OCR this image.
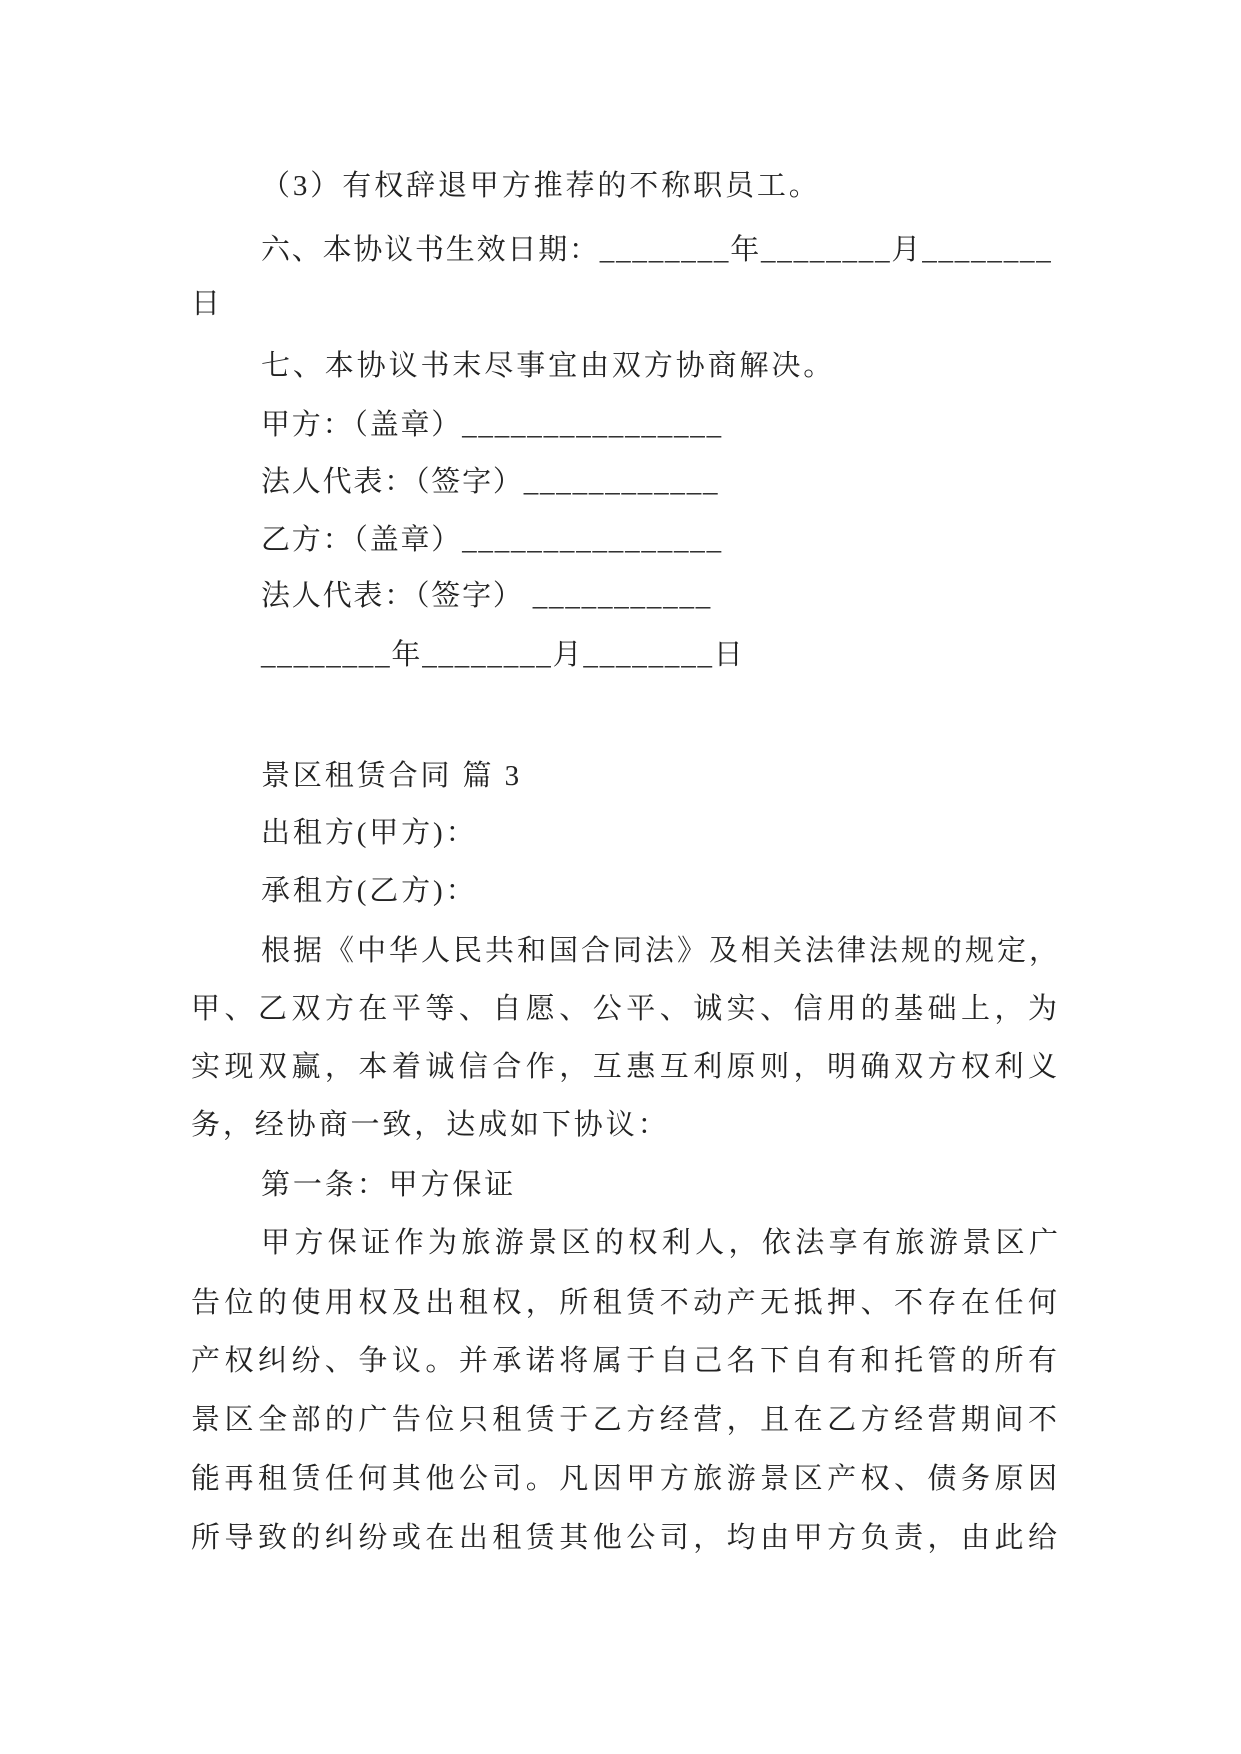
（3）有权辞退甲方推荐的不称职员工。
六、本协议书生效日期：________年________月________
日
七、本协议书末尽事宜由双方协商解决。
甲方：（盖章）________________
法人代表：（签字）____________
乙方：（盖章）________________
法人代表：（签字） ___________
________年________月________日
景区租赁合同 篇 3
出租方(甲方)：
承租方(乙方)：
根据《中华人民共和国合同法》及相关法律法规的规定，
甲、乙双方在平等、自愿、公平、诚实、信用的基础上，为
实现双赢，本着诚信合作，互惠互利原则，明确双方权利义
务，经协商一致，达成如下协议：
第一条：甲方保证
甲方保证作为旅游景区的权利人，依法享有旅游景区广
告位的使用权及出租权，所租赁不动产无抵押、不存在任何
产权纠纷、争议。并承诺将属于自己名下自有和托管的所有
景区全部的广告位只租赁于乙方经营，且在乙方经营期间不
能再租赁任何其他公司。凡因甲方旅游景区产权、债务原因
所导致的纠纷或在出租赁其他公司，均由甲方负责，由此给
